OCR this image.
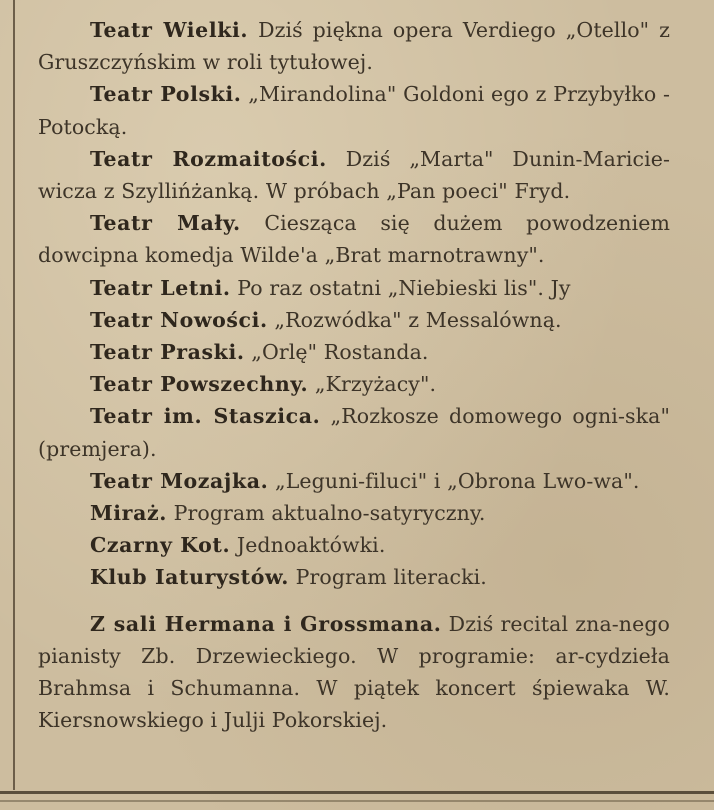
Teatr Wielki. Dziś piękna opera Verdiego „Otello" z Gruszczyńskim w roli tytułowej.

Teatr Polski. „Mirandolina" Goldoni ego z Przybyłko - Potocką.

Teatr Rozmaitości. Dziś „Marta" Dunin-Maricie-wicza z Szyllińżanką. W próbach „Pan poeci" Fryd.

Teatr Mały. Ciesząca się dużem powodzeniem dowcipna komedja Wilde'a „Brat marnotrawny".

Teatr Letni. Po raz ostatni „Niebieski lis". Jy

Teatr Nowości. „Rozwódka" z Messalówną.

Teatr Praski. „Orlę" Rostanda.

Teatr Powszechny. „Krzyżacy".

Teatr im. Staszica. „Rozkosze domowego ogni-ska" (premjera).

Teatr Mozajka. „Leguni-filuci" i „Obrona Lwo-wa".

Miraż. Program aktualno-satyryczny.

Czarny Kot. Jednoaktówki.

Klub Iaturystów. Program literacki.

Z sali Hermana i Grossmana. Dziś recital zna-nego pianisty Zb. Drzewieckiego. W programie: ar-cydzieła Brahmsa i Schumanna. W piątek koncert śpiewaka W. Kiersnowskiego i Julji Pokorskiej.
